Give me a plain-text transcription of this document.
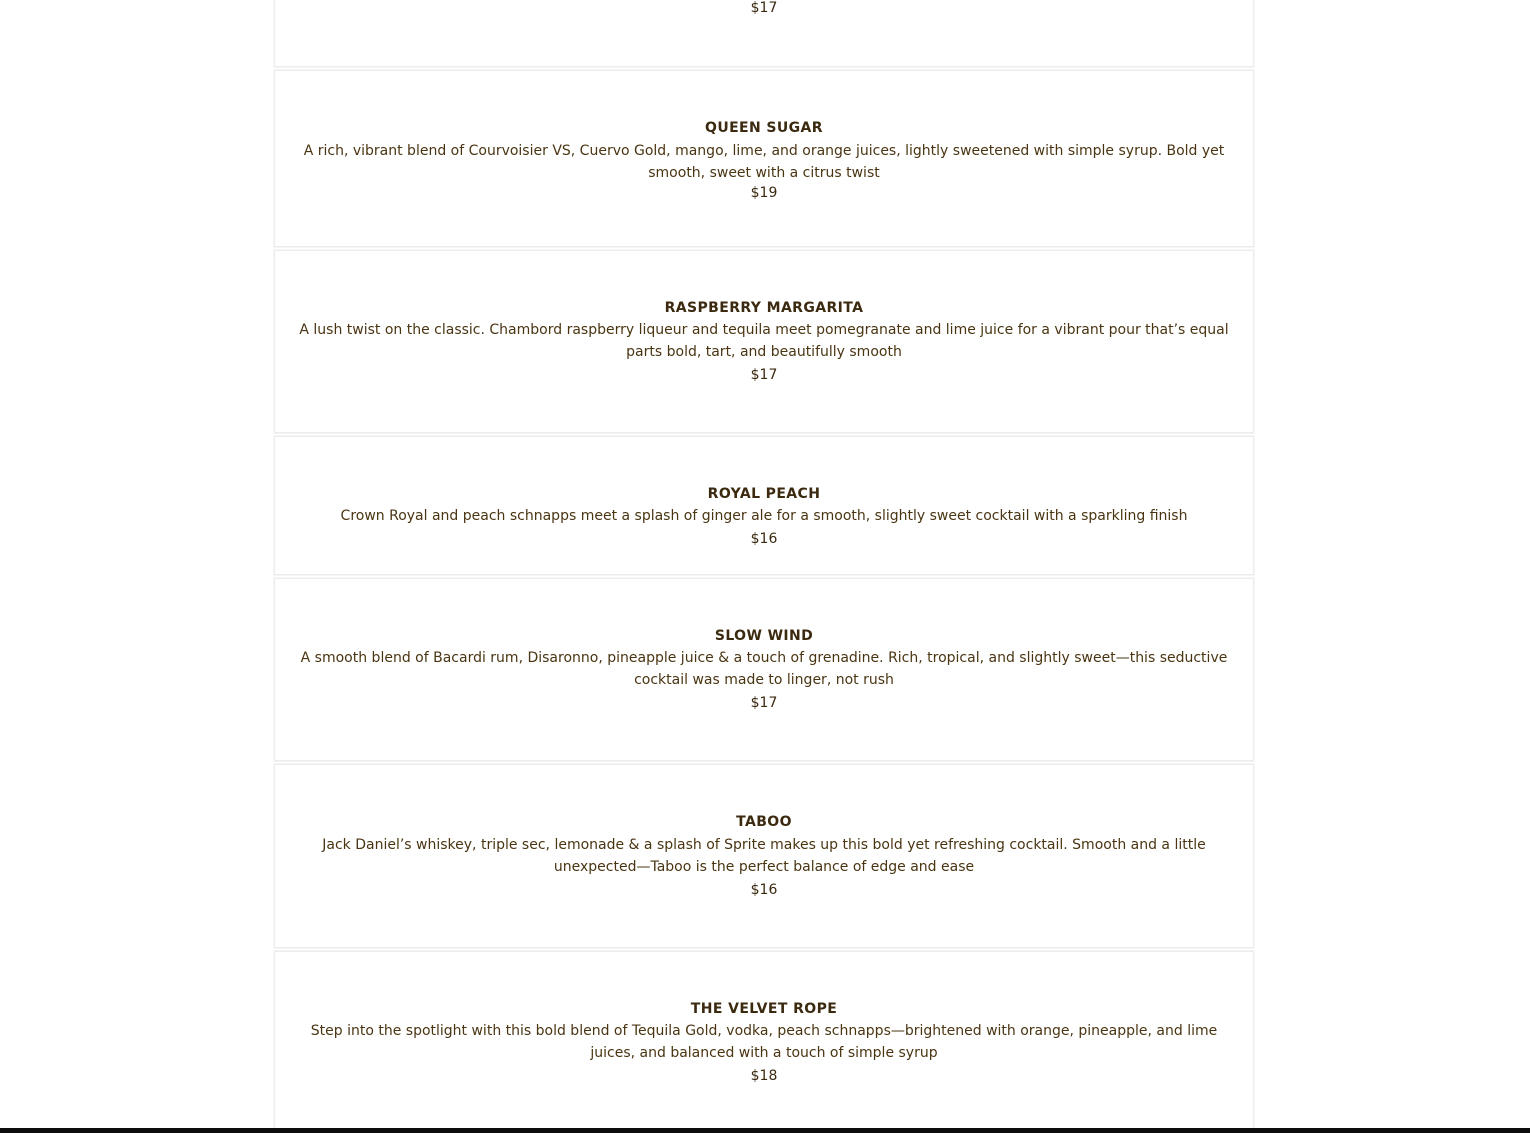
$17

QUEEN SUGAR

A rich, vibrant blend of Courvoisier VS, Cuervo Gold, mango, lime, and orange juices, lightly sweetened with simple syrup. Bold yet smooth, sweet with a citrus twist

$19

RASPBERRY MARGARITA

A lush twist on the classic. Chambord raspberry liqueur and tequila meet pomegranate and lime juice for a vibrant pour that’s equal parts bold, tart, and beautifully smooth

$17

ROYAL PEACH

Crown Royal and peach schnapps meet a splash of ginger ale for a smooth, slightly sweet cocktail with a sparkling finish

$16

SLOW WIND

A smooth blend of Bacardi rum, Disaronno, pineapple juice & a touch of grenadine. Rich, tropical, and slightly sweet—this seductive cocktail was made to linger, not rush

$17

TABOO

Jack Daniel’s whiskey, triple sec, lemonade & a splash of Sprite makes up this bold yet refreshing cocktail. Smooth and a little unexpected—Taboo is the perfect balance of edge and ease

$16

THE VELVET ROPE

Step into the spotlight with this bold blend of Tequila Gold, vodka, peach schnapps—brightened with orange, pineapple, and lime juices, and balanced with a touch of simple syrup

$18
